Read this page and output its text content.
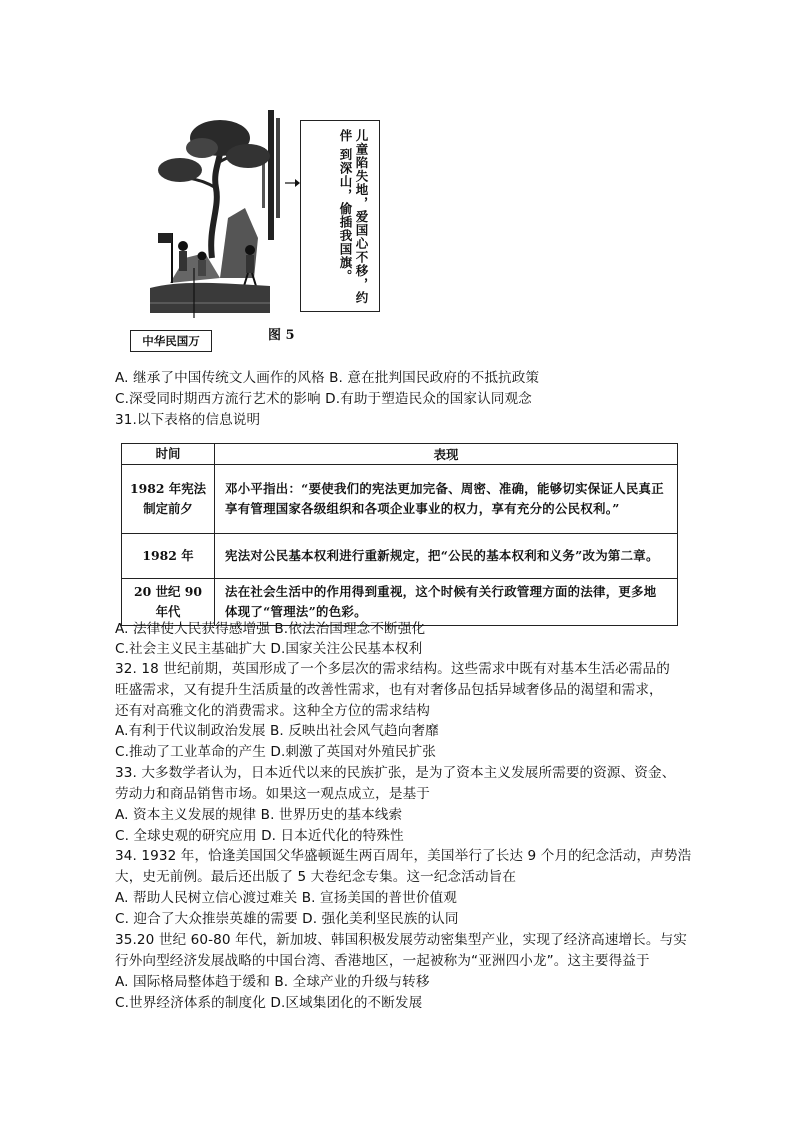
儿童陷失地，爱国心不移，约伴 到深山，偷插我国旗。
中华民国万	图 5
A. 继承了中国传统文人画作的风格 B. 意在批判国民政府的不抵抗政策
C.深受同时期西方流行艺术的影响 D.有助于塑造民众的国家认同观念
31.以下表格的信息说明
时间	表现
1982 年宪法
制定前夕	邓小平指出：“要使我们的宪法更加完备、周密、准确，能够切实保证人民真正享有管理国家各级组织和各项企业事业的权力，享有充分的公民权利。”
1982 年	宪法对公民基本权利进行重新规定，把“公民的基本权利和义务”改为第二章。
20 世纪 90
年代	法在社会生活中的作用得到重视，这个时候有关行政管理方面的法律，更多地体现了“管理法”的色彩。
A. 法律使人民获得感增强 B.依法治国理念不断强化
C.社会主义民主基础扩大 D.国家关注公民基本权利
32. 18 世纪前期，英国形成了一个多层次的需求结构。这些需求中既有对基本生活必需品的
旺盛需求，又有提升生活质量的改善性需求，也有对奢侈品包括异域奢侈品的渴望和需求，
还有对高雅文化的消费需求。这种全方位的需求结构
A.有利于代议制政治发展 B. 反映出社会风气趋向奢靡
C.推动了工业革命的产生 D.刺激了英国对外殖民扩张
33. 大多数学者认为，日本近代以来的民族扩张，是为了资本主义发展所需要的资源、资金、
劳动力和商品销售市场。如果这一观点成立，是基于
A. 资本主义发展的规律 B. 世界历史的基本线索
C. 全球史观的研究应用 D. 日本近代化的特殊性
34. 1932 年，恰逢美国国父华盛顿诞生两百周年，美国举行了长达 9 个月的纪念活动，声势浩
大，史无前例。最后还出版了 5 大卷纪念专集。这一纪念活动旨在
A. 帮助人民树立信心渡过难关 B. 宣扬美国的普世价值观
C. 迎合了大众推崇英雄的需要 D. 强化美利坚民族的认同
35.20 世纪 60-80 年代，新加坡、韩国积极发展劳动密集型产业，实现了经济高速增长。与实
行外向型经济发展战略的中国台湾、香港地区，一起被称为“亚洲四小龙”。这主要得益于
A. 国际格局整体趋于缓和 B. 全球产业的升级与转移
C.世界经济体系的制度化 D.区域集团化的不断发展
